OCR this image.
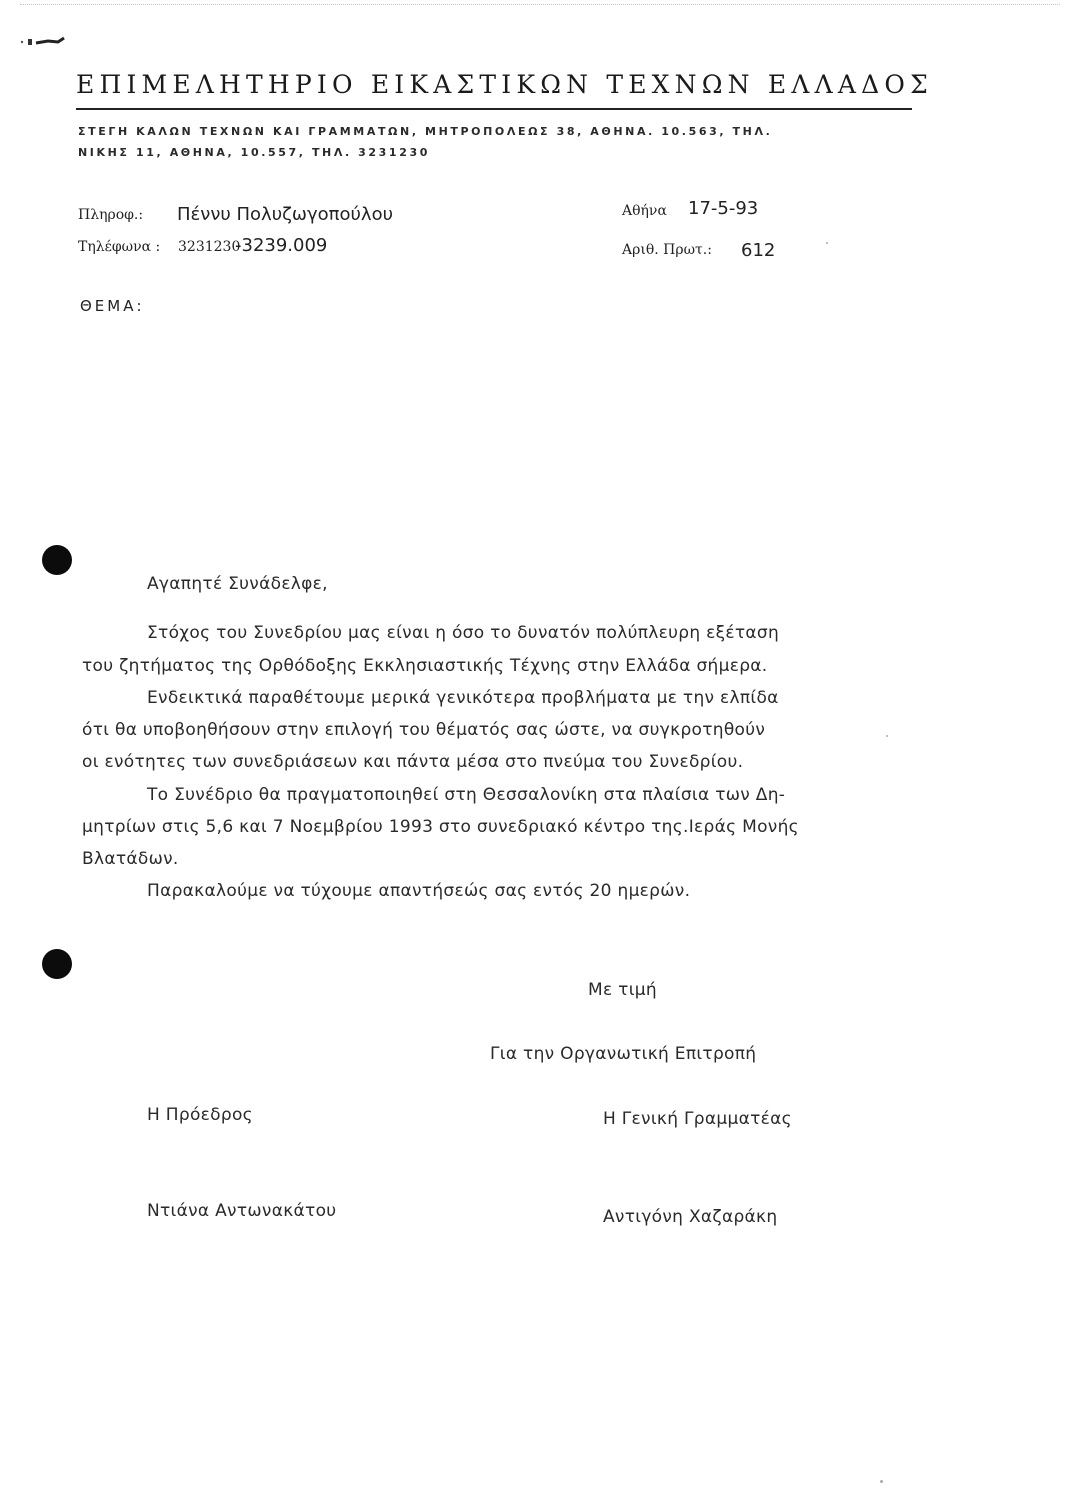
ΕΠΙΜΕΛΗΤΗΡΙΟ ΕΙΚΑΣΤΙΚΩΝ ΤΕΧΝΩΝ ΕΛΛΑΔΟΣ
ΣΤΕΓΗ ΚΑΛΩΝ ΤΕΧΝΩΝ ΚΑΙ ΓΡΑΜΜΑΤΩΝ, ΜΗΤΡΟΠΟΛΕΩΣ 38, ΑΘΗΝΑ. 10.563, ΤΗΛ.
ΝΙΚΗΣ 11, ΑΘΗΝΑ, 10.557, ΤΗΛ. 3231230
Πληροφ.: Πέννυ Πολυζωγοπούλου
Τηλέφωνα : 3231230
-3239.009
Αθήνα 17-5-93
Αριθ. Πρωτ.: 612
ΘΕΜΑ:
Αγαπητέ Συνάδελφε,
Στόχος του Συνεδρίου μας είναι η όσο το δυνατόν πολύπλευρη εξέταση
του ζητήματος της Ορθόδοξης Εκκλησιαστικής Τέχνης στην Ελλάδα σήμερα.
Ενδεικτικά παραθέτουμε μερικά γενικότερα προβλήματα με την ελπίδα
ότι θα υποβοηθήσουν στην επιλογή του θέματός σας ώστε, να συγκροτηθούν
οι ενότητες των συνεδριάσεων και πάντα μέσα στο πνεύμα του Συνεδρίου.
Το Συνέδριο θα πραγματοποιηθεί στη Θεσσαλονίκη στα πλαίσια των Δη-
μητρίων στις 5,6 και 7 Νοεμβρίου 1993 στο συνεδριακό κέντρο της.Ιεράς Μονής
Βλατάδων.
Παρακαλούμε να τύχουμε απαντήσεώς σας εντός 20 ημερών.
Με τιμή
Για την Οργανωτική Επιτροπή
Η Πρόεδρος	Η Γενική Γραμματέας
Ντιάνα Αντωνακάτου	Αντιγόνη Χαζαράκη
